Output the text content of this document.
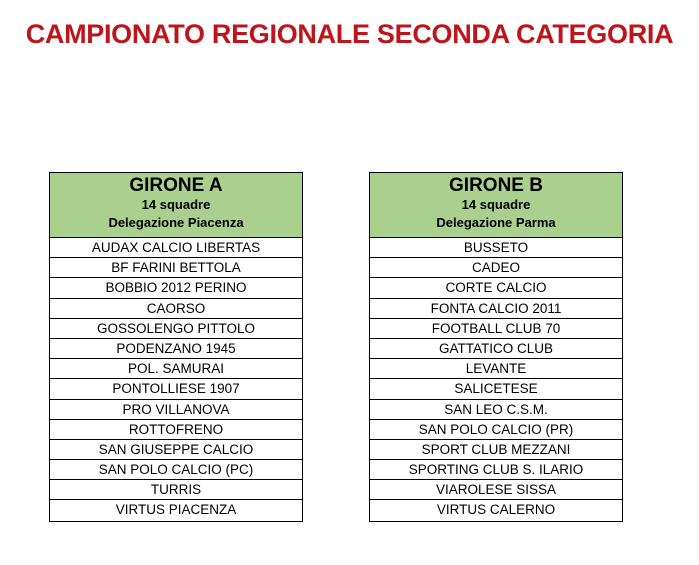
CAMPIONATO REGIONALE SECONDA CATEGORIA
GIRONE A
14 squadre
Delegazione Piacenza
AUDAX CALCIO LIBERTAS
BF FARINI BETTOLA
BOBBIO 2012 PERINO
CAORSO
GOSSOLENGO PITTOLO
PODENZANO 1945
POL. SAMURAI
PONTOLLIESE 1907
PRO VILLANOVA
ROTTOFRENO
SAN GIUSEPPE CALCIO
SAN POLO CALCIO (PC)
TURRIS
VIRTUS PIACENZA
GIRONE B
14 squadre
Delegazione Parma
BUSSETO
CADEO
CORTE CALCIO
FONTA CALCIO 2011
FOOTBALL CLUB 70
GATTATICO CLUB
LEVANTE
SALICETESE
SAN LEO C.S.M.
SAN POLO CALCIO (PR)
SPORT CLUB MEZZANI
SPORTING CLUB S. ILARIO
VIAROLESE SISSA
VIRTUS CALERNO
